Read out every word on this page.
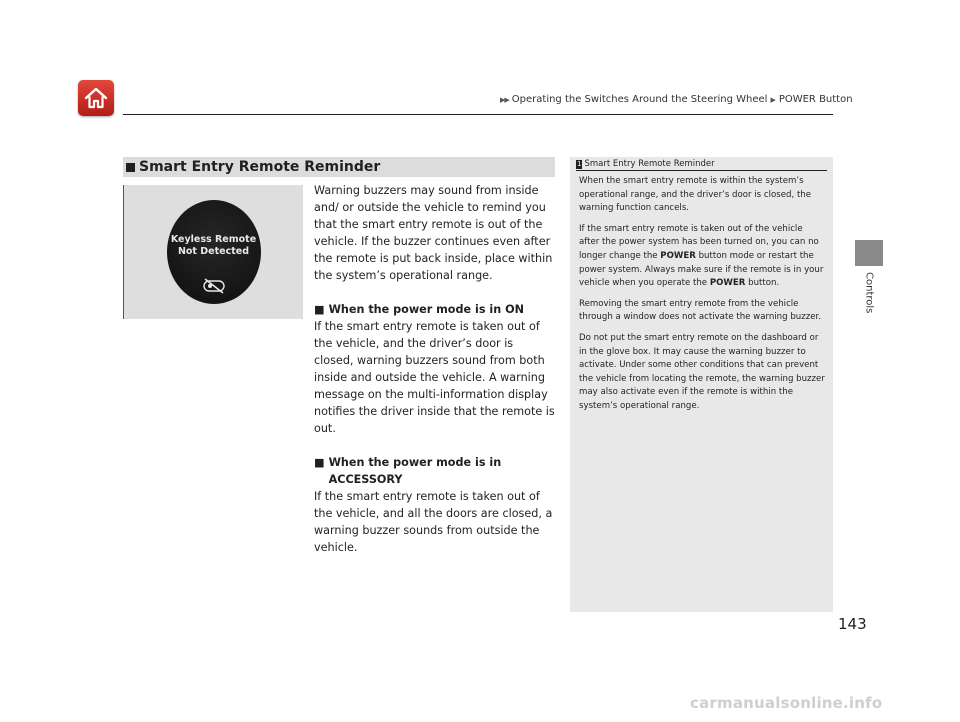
▶▶ Operating the Switches Around the Steering Wheel ▶ POWER Button
Controls
Smart Entry Remote Reminder
Keyless Remote
Not Detected

Warning buzzers may sound from inside and/ or outside the vehicle to remind you that the smart entry remote is out of the vehicle. If the buzzer continues even after the remote is put back inside, place within the system’s operational range.

■ When the power mode is in ON

If the smart entry remote is taken out of the vehicle, and the driver’s door is closed, warning buzzers sound from both inside and outside the vehicle. A warning message on the multi-information display notifies the driver inside that the remote is out.

■ When the power mode is in ACCESSORY

If the smart entry remote is taken out of the vehicle, and all the doors are closed, a warning buzzer sounds from outside the vehicle.

1 Smart Entry Remote Reminder

When the smart entry remote is within the system’s operational range, and the driver’s door is closed, the warning function cancels.

If the smart entry remote is taken out of the vehicle after the power system has been turned on, you can no longer change the POWER button mode or restart the power system. Always make sure if the remote is in your vehicle when you operate the POWER button.

Removing the smart entry remote from the vehicle through a window does not activate the warning buzzer.

Do not put the smart entry remote on the dashboard or in the glove box. It may cause the warning buzzer to activate. Under some other conditions that can prevent the vehicle from locating the remote, the warning buzzer may also activate even if the remote is within the system’s operational range.

143
carmanualsonline.info
